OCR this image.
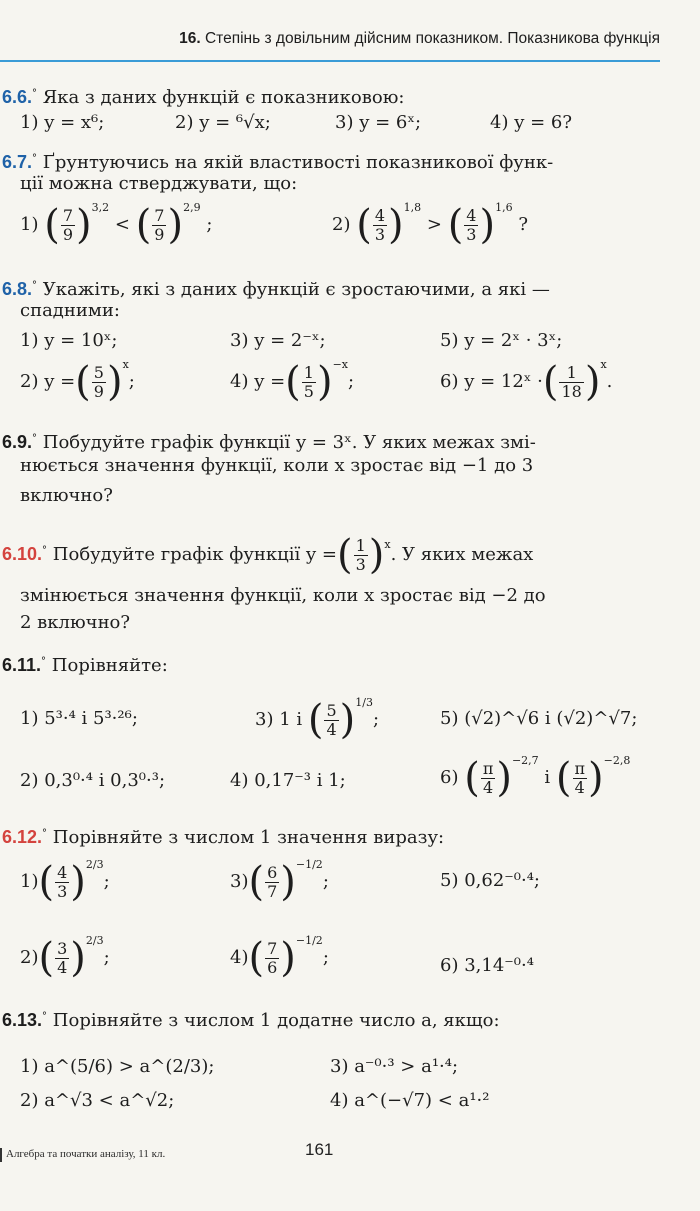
16. Степінь з довільним дійсним показником. Показникова функція
6.6.° Яка з даних функцій є показниковою:
1) y = x⁶;	2) y = ⁶√x;	3) y = 6ˣ;	4) y = 6?
6.7.° Ґрунтуючись на якій властивості показникової функ-
ції можна стверджувати, що:
1) ( $\frac{7}{9} )^{3,2}$ < ( $\frac{7}{9} )^{2,9}$ ;	2) ( $\frac{4}{3} )^{1,8}$ > ( $\frac{4}{3} )^{1,6}$ ?
6.8.° Укажіть, які з даних функцій є зростаючими, а які —
спадними:
1) y = 10ˣ;	3) y = 2⁻ˣ;	5) y = 2ˣ · 3ˣ;
2) y =( $\frac{5}{9} )^x$;	4) y =( $\frac{1}{5} )^{-x}$;	6) y = 12ˣ ·( $\frac{1}{18} )^x$.
6.9.° Побудуйте графік функції y = 3ˣ. У яких межах змі-
нюється значення функції, коли x зростає від −1 до 3
включно?
6.10.° Побудуйте графік функції y =( $\frac{1}{3} )^x$. У яких межах
змінюється значення функції, коли x зростає від −2 до
2 включно?
6.11.° Порівняйте:
1) 5³·⁴ і 5³·²⁶;	3) 1 і ( $\frac{5}{4} )^{1/3}$;	5) (√2)^√6 і (√2)^√7;
2) 0,3⁰·⁴ і 0,3⁰·³;	4) 0,17⁻³ і 1;	6) ( $\frac{\pi}{4} )^{-2,7}$ і ( $\frac{\pi}{4} )^{-2,8}$
6.12.° Порівняйте з числом 1 значення виразу:
$1)( \frac{4}{3} )^{2/3}$;	$3)( \frac{6}{7} )^{-1/2}$;	5) 0,62⁻⁰·⁴;
$2)( \frac{3}{4} )^{2/3}$;	$4)( \frac{7}{6} )^{-1/2}$;	6) 3,14⁻⁰·⁴
6.13.° Порівняйте з числом 1 додатне число a, якщо:
1) a^(5/6) > a^(2/3);	3) a⁻⁰·³ > a¹·⁴;
2) a^√3 < a^√2;	4) a^(−√7) < a¹·²
Алгебра та початки аналізу, 11 кл.	161
